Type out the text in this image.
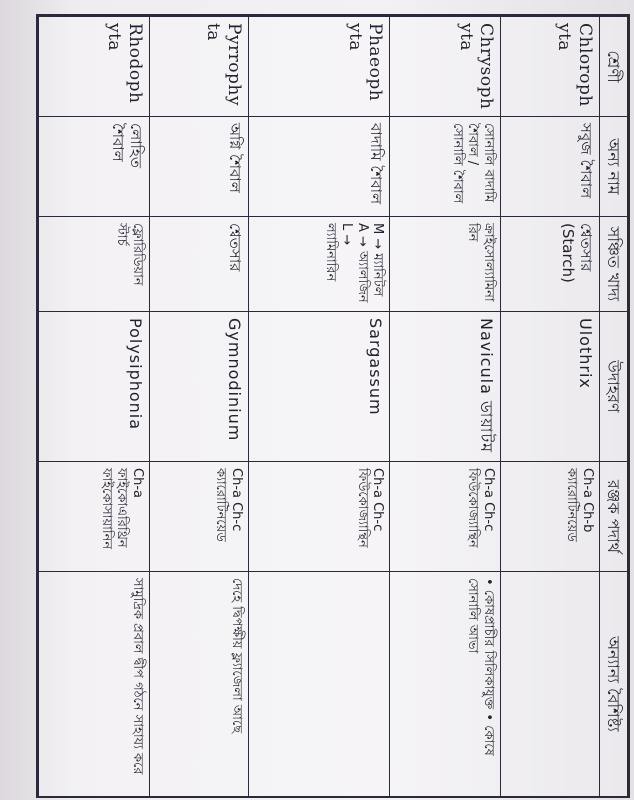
শ্রেণী	অন্য নাম	সঞ্চিত খাদ্য	উদাহরণ	রঞ্জক পদার্থ	অন্যান্য বৈশিষ্ট্য
Chlorophyta	সবুজ শৈবাল	শ্বেতসার (Starch)	Ulothrix	Ch-a Ch-b ক্যারোটিনয়েড	
Chrysophyta	সোনালি বাদামি শৈবাল / সোনালি শৈবাল	ক্রাইসোল্যামিনারিন	Navicula ডায়াটম	Ch-a Ch-c ফিউকোজ্যান্থিন	• কোষপ্রাচীর সিলিকাযুক্ত • কোষে সোনালি আভা
Phaeophyta	বাদামি শৈবাল	M → ম্যানিটল A → অ্যালজিন L → ল্যামিনারিন	Sargassum	Ch-a Ch-c ফিউকোজ্যান্থিন	
Pyrrophyta	অগ্নি শৈবাল	শ্বেতসার	Gymnodinium	Ch-a Ch-c ক্যারোটিনয়েড	দেহে দ্বিপক্ষীয় ফ্ল্যাজেলা আছে
Rhodophyta	লোহিত শৈবাল	ফ্লোরিডিয়ান স্টার্চ	Polysiphonia	Ch-a ফাইকোএরিথ্রিন ফাইকোসায়ানিন	সামুদ্রিক প্রবাল দ্বীপ গঠনে সাহায্য করে
